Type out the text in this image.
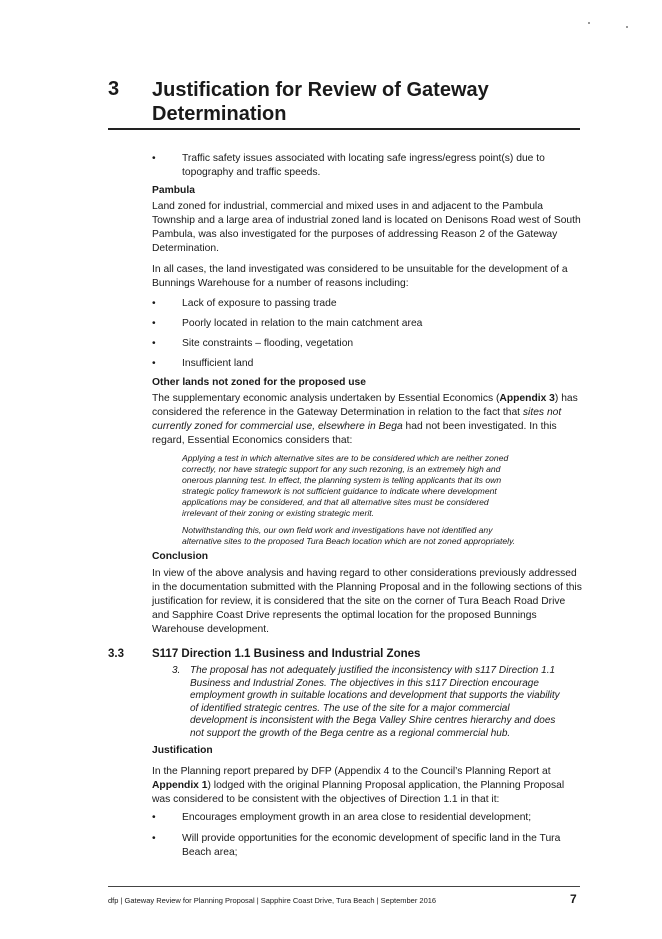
3 Justification for Review of Gateway
Determination
•	Traffic safety issues associated with locating safe ingress/egress point(s) due to
topography and traffic speeds.
Pambula
Land zoned for industrial, commercial and mixed uses in and adjacent to the Pambula
Township and a large area of industrial zoned land is located on Denisons Road west of South
Pambula, was also investigated for the purposes of addressing Reason 2 of the Gateway
Determination.
In all cases, the land investigated was considered to be unsuitable for the development of a
Bunnings Warehouse for a number of reasons including:
•	Lack of exposure to passing trade
•	Poorly located in relation to the main catchment area
•	Site constraints – flooding, vegetation
•	Insufficient land
Other lands not zoned for the proposed use
The supplementary economic analysis undertaken by Essential Economics (Appendix 3) has
considered the reference in the Gateway Determination in relation to the fact that sites not
currently zoned for commercial use, elsewhere in Bega had not been investigated. In this
regard, Essential Economics considers that:
Applying a test in which alternative sites are to be considered which are neither zoned
correctly, nor have strategic support for any such rezoning, is an extremely high and
onerous planning test. In effect, the planning system is telling applicants that its own
strategic policy framework is not sufficient guidance to indicate where development
applications may be considered, and that all alternative sites must be considered
irrelevant of their zoning or existing strategic merit.
Notwithstanding this, our own field work and investigations have not identified any
alternative sites to the proposed Tura Beach location which are not zoned appropriately.
Conclusion
In view of the above analysis and having regard to other considerations previously addressed
in the documentation submitted with the Planning Proposal and in the following sections of this
justification for review, it is considered that the site on the corner of Tura Beach Road Drive
and Sapphire Coast Drive represents the optimal location for the proposed Bunnings
Warehouse development.
3.3 S117 Direction 1.1 Business and Industrial Zones
3. The proposal has not adequately justified the inconsistency with s117 Direction 1.1
Business and Industrial Zones. The objectives in this s117 Direction encourage
employment growth in suitable locations and development that supports the viability
of identified strategic centres. The use of the site for a major commercial
development is inconsistent with the Bega Valley Shire centres hierarchy and does
not support the growth of the Bega centre as a regional commercial hub.
Justification
In the Planning report prepared by DFP (Appendix 4 to the Council’s Planning Report at
Appendix 1) lodged with the original Planning Proposal application, the Planning Proposal
was considered to be consistent with the objectives of Direction 1.1 in that it:
•	Encourages employment growth in an area close to residential development;
•	Will provide opportunities for the economic development of specific land in the Tura
Beach area;
dfp | Gateway Review for Planning Proposal | Sapphire Coast Drive, Tura Beach | September 2016	7
